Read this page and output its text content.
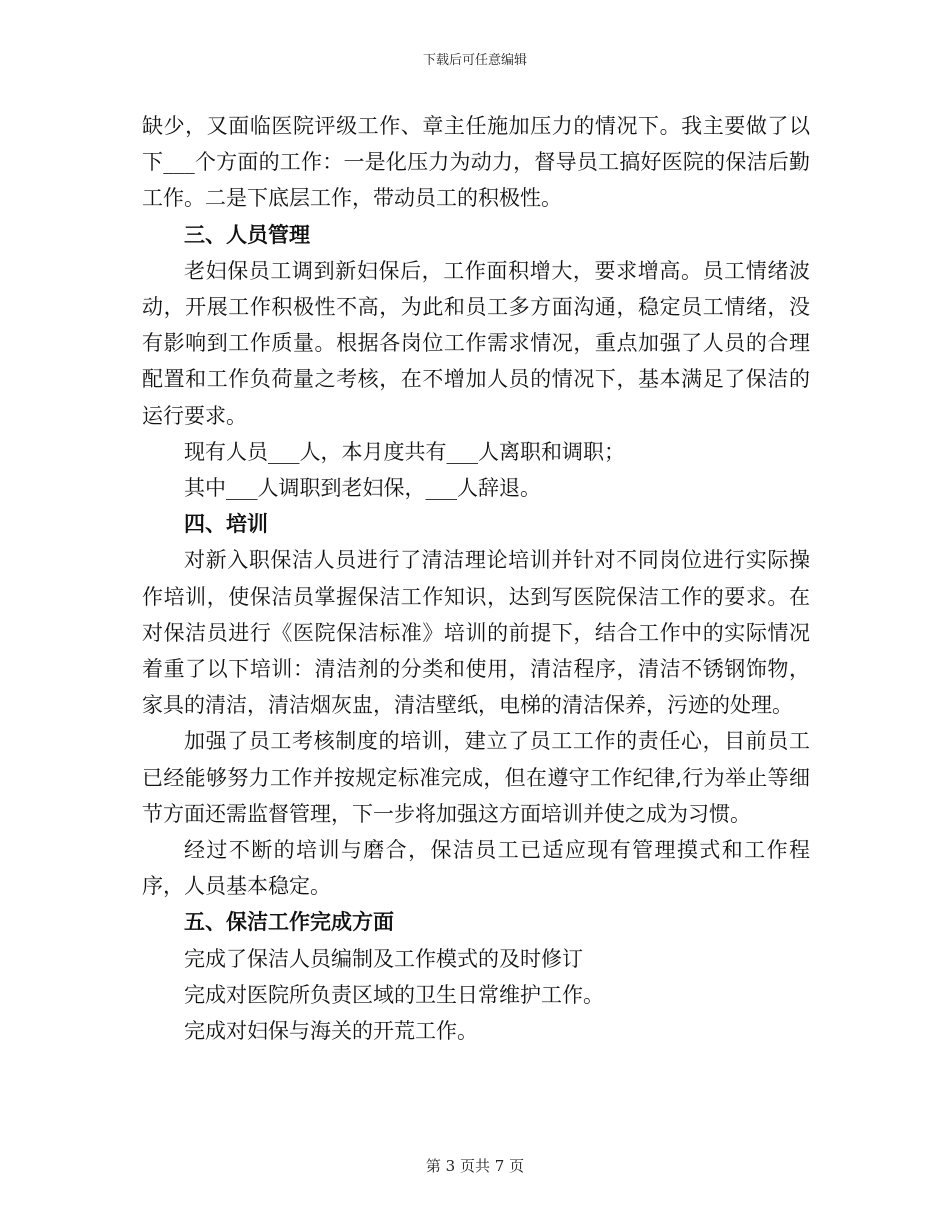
下载后可任意编辑

缺少，又面临医院评级工作、章主任施加压力的情况下。我主要做了以下___个方面的工作：一是化压力为动力，督导员工搞好医院的保洁后勤工作。二是下底层工作，带动员工的积极性。

三、人员管理

老妇保员工调到新妇保后，工作面积增大，要求增高。员工情绪波动，开展工作积极性不高，为此和员工多方面沟通，稳定员工情绪，没有影响到工作质量。根据各岗位工作需求情况，重点加强了人员的合理配置和工作负荷量之考核，在不增加人员的情况下，基本满足了保洁的运行要求。

现有人员___人，本月度共有___人离职和调职；

其中___人调职到老妇保，___人辞退。

四、培训

对新入职保洁人员进行了清洁理论培训并针对不同岗位进行实际操作培训，使保洁员掌握保洁工作知识，达到写医院保洁工作的要求。在对保洁员进行《医院保洁标准》培训的前提下，结合工作中的实际情况着重了以下培训：清洁剂的分类和使用，清洁程序，清洁不锈钢饰物，家具的清洁，清洁烟灰盅，清洁壁纸，电梯的清洁保养，污迹的处理。

加强了员工考核制度的培训，建立了员工工作的责任心，目前员工已经能够努力工作并按规定标准完成，但在遵守工作纪律,行为举止等细节方面还需监督管理，下一步将加强这方面培训并使之成为习惯。

经过不断的培训与磨合，保洁员工已适应现有管理摸式和工作程序，人员基本稳定。

五、保洁工作完成方面

完成了保洁人员编制及工作模式的及时修订

完成对医院所负责区域的卫生日常维护工作。

完成对妇保与海关的开荒工作。

第 3 页共 7 页
